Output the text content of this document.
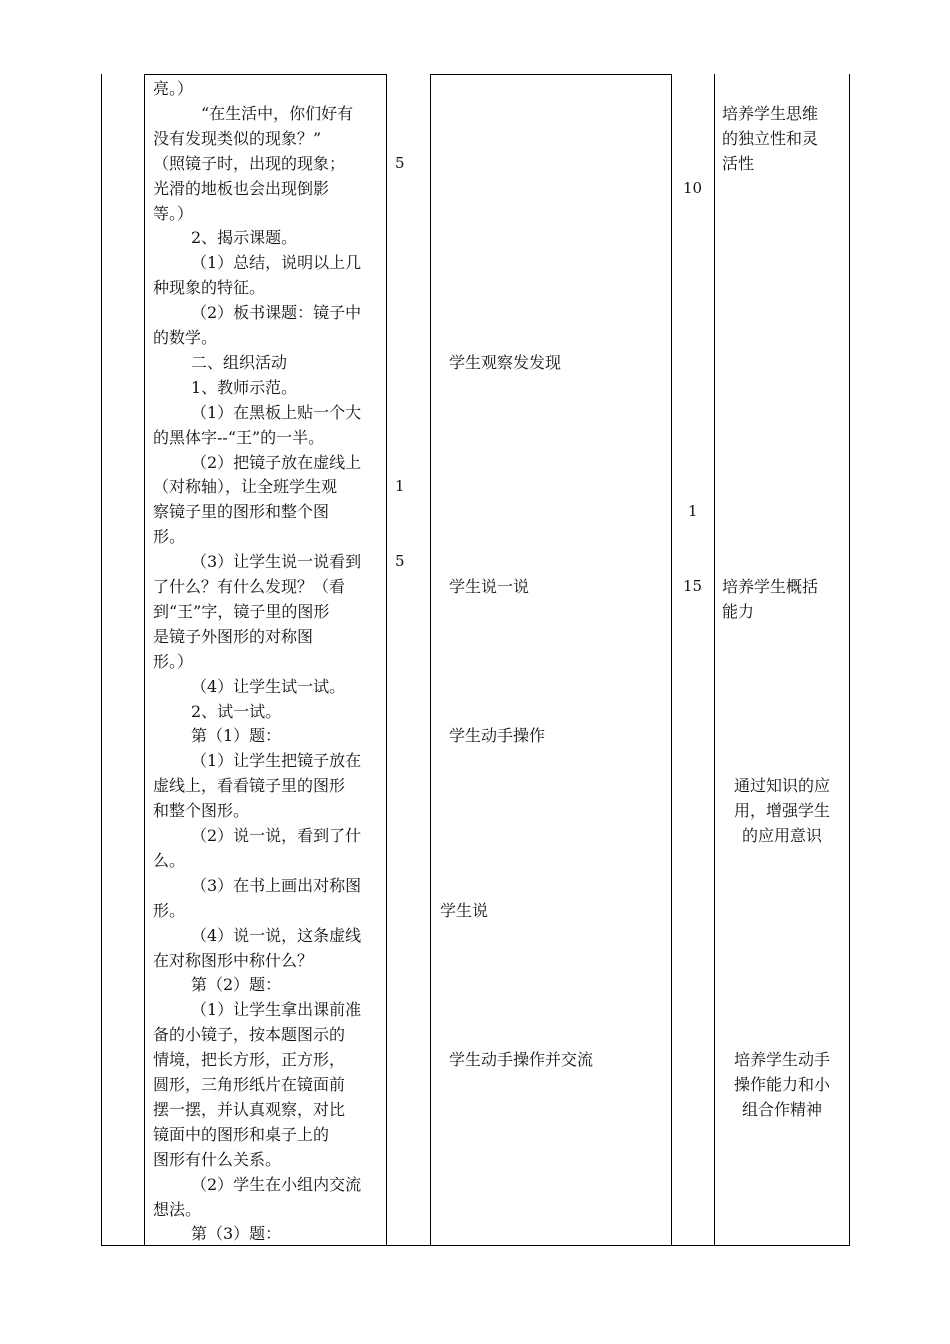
亮。）
“在生活中，你们好有
没有发现类似的现象？”
（照镜子时，出现的现象；
光滑的地板也会出现倒影
等。）
2、揭示课题。
（1）总结，说明以上几
种现象的特征。
（2）板书课题：镜子中
的数学。
二、组织活动
1、教师示范。
（1）在黑板上贴一个大
的黑体字--“王”的一半。
（2）把镜子放在虚线上
（对称轴），让全班学生观
察镜子里的图形和整个图
形。
（3）让学生说一说看到
了什么？有什么发现？（看
到“王”字，镜子里的图形
是镜子外图形的对称图
形。）
（4）让学生试一试。
2、试一试。
第（1）题：
（1）让学生把镜子放在
虚线上，看看镜子里的图形
和整个图形。
（2）说一说，看到了什
么。
（3）在书上画出对称图
形。
（4）说一说，这条虚线
在对称图形中称什么？
第（2）题：
（1）让学生拿出课前准
备的小镜子，按本题图示的
情境，把长方形，正方形，
圆形，三角形纸片在镜面前
摆一摆，并认真观察，对比
镜面中的图形和桌子上的
图形有什么关系。
（2）学生在小组内交流
想法。
第（3）题：
5
1
5
学生观察发发现
学生说一说
学生动手操作
学生说
学生动手操作并交流
10
1
15
培养学生思维
的独立性和灵
活性
培养学生概括
能力
通过知识的应
用，增强学生
的应用意识
培养学生动手
操作能力和小
组合作精神
